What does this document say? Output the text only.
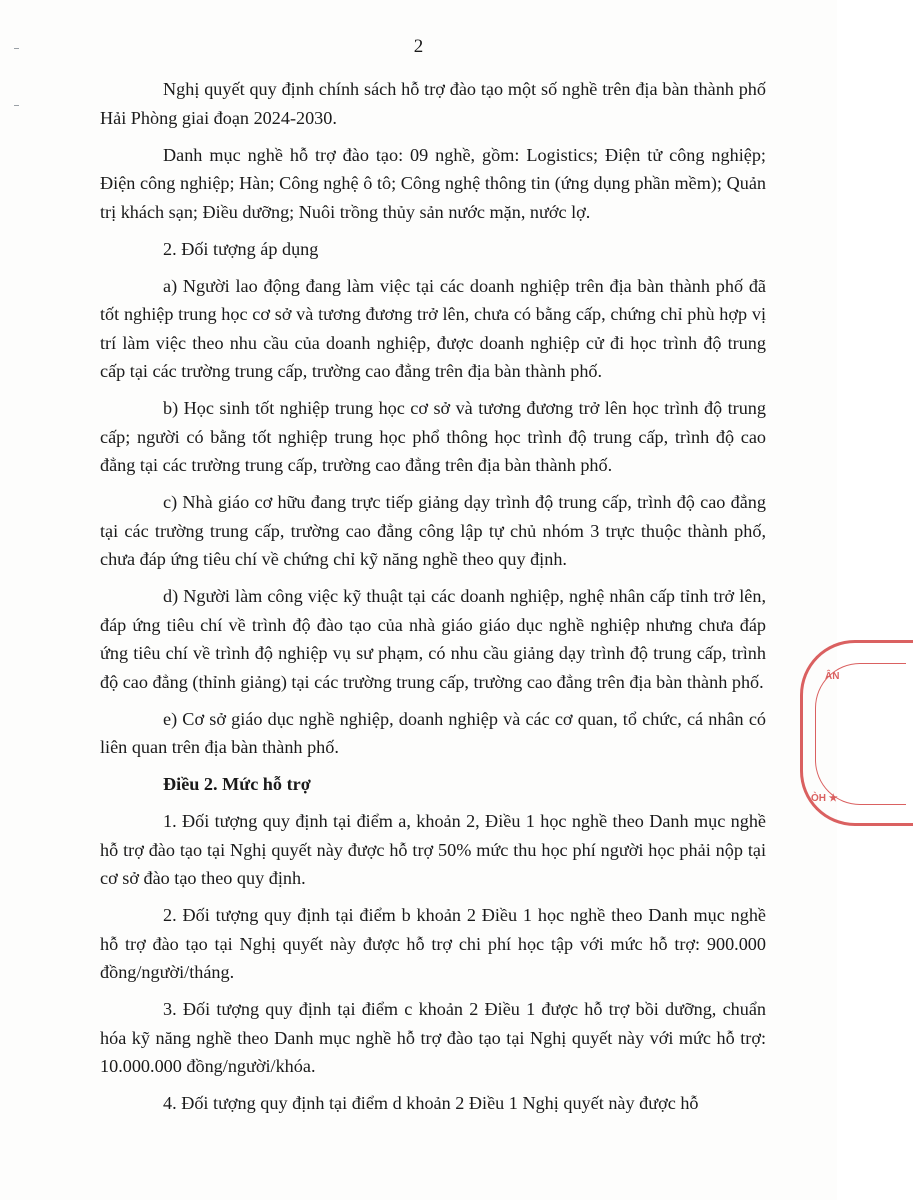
2

Nghị quyết quy định chính sách hỗ trợ đào tạo một số nghề trên địa bàn thành phố Hải Phòng giai đoạn 2024-2030.

Danh mục nghề hỗ trợ đào tạo: 09 nghề, gồm: Logistics; Điện tử công nghiệp; Điện công nghiệp; Hàn; Công nghệ ô tô; Công nghệ thông tin (ứng dụng phần mềm); Quản trị khách sạn; Điều dưỡng; Nuôi trồng thủy sản nước mặn, nước lợ.

2. Đối tượng áp dụng

a) Người lao động đang làm việc tại các doanh nghiệp trên địa bàn thành phố đã tốt nghiệp trung học cơ sở và tương đương trở lên, chưa có bằng cấp, chứng chỉ phù hợp vị trí làm việc theo nhu cầu của doanh nghiệp, được doanh nghiệp cử đi học trình độ trung cấp tại các trường trung cấp, trường cao đẳng trên địa bàn thành phố.

b) Học sinh tốt nghiệp trung học cơ sở và tương đương trở lên học trình độ trung cấp; người có bằng tốt nghiệp trung học phổ thông học trình độ trung cấp, trình độ cao đẳng tại các trường trung cấp, trường cao đẳng trên địa bàn thành phố.

c) Nhà giáo cơ hữu đang trực tiếp giảng dạy trình độ trung cấp, trình độ cao đẳng tại các trường trung cấp, trường cao đẳng công lập tự chủ nhóm 3 trực thuộc thành phố, chưa đáp ứng tiêu chí về chứng chỉ kỹ năng nghề theo quy định.

d) Người làm công việc kỹ thuật tại các doanh nghiệp, nghệ nhân cấp tỉnh trở lên, đáp ứng tiêu chí về trình độ đào tạo của nhà giáo giáo dục nghề nghiệp nhưng chưa đáp ứng tiêu chí về trình độ nghiệp vụ sư phạm, có nhu cầu giảng dạy trình độ trung cấp, trình độ cao đẳng (thỉnh giảng) tại các trường trung cấp, trường cao đẳng trên địa bàn thành phố.

e) Cơ sở giáo dục nghề nghiệp, doanh nghiệp và các cơ quan, tổ chức, cá nhân có liên quan trên địa bàn thành phố.

Điều 2. Mức hỗ trợ

1. Đối tượng quy định tại điểm a, khoản 2, Điều 1 học nghề theo Danh mục nghề hỗ trợ đào tạo tại Nghị quyết này được hỗ trợ 50% mức thu học phí người học phải nộp tại cơ sở đào tạo theo quy định.

2. Đối tượng quy định tại điểm b khoản 2 Điều 1 học nghề theo Danh mục nghề hỗ trợ đào tạo tại Nghị quyết này được hỗ trợ chi phí học tập với mức hỗ trợ: 900.000 đồng/người/tháng.

3. Đối tượng quy định tại điểm c khoản 2 Điều 1 được hỗ trợ bồi dưỡng, chuẩn hóa kỹ năng nghề theo Danh mục nghề hỗ trợ đào tạo tại Nghị quyết này với mức hỗ trợ: 10.000.000 đồng/người/khóa.

4. Đối tượng quy định tại điểm d khoản 2 Điều 1 Nghị quyết này được hỗ

ÂN
ÒH ★
